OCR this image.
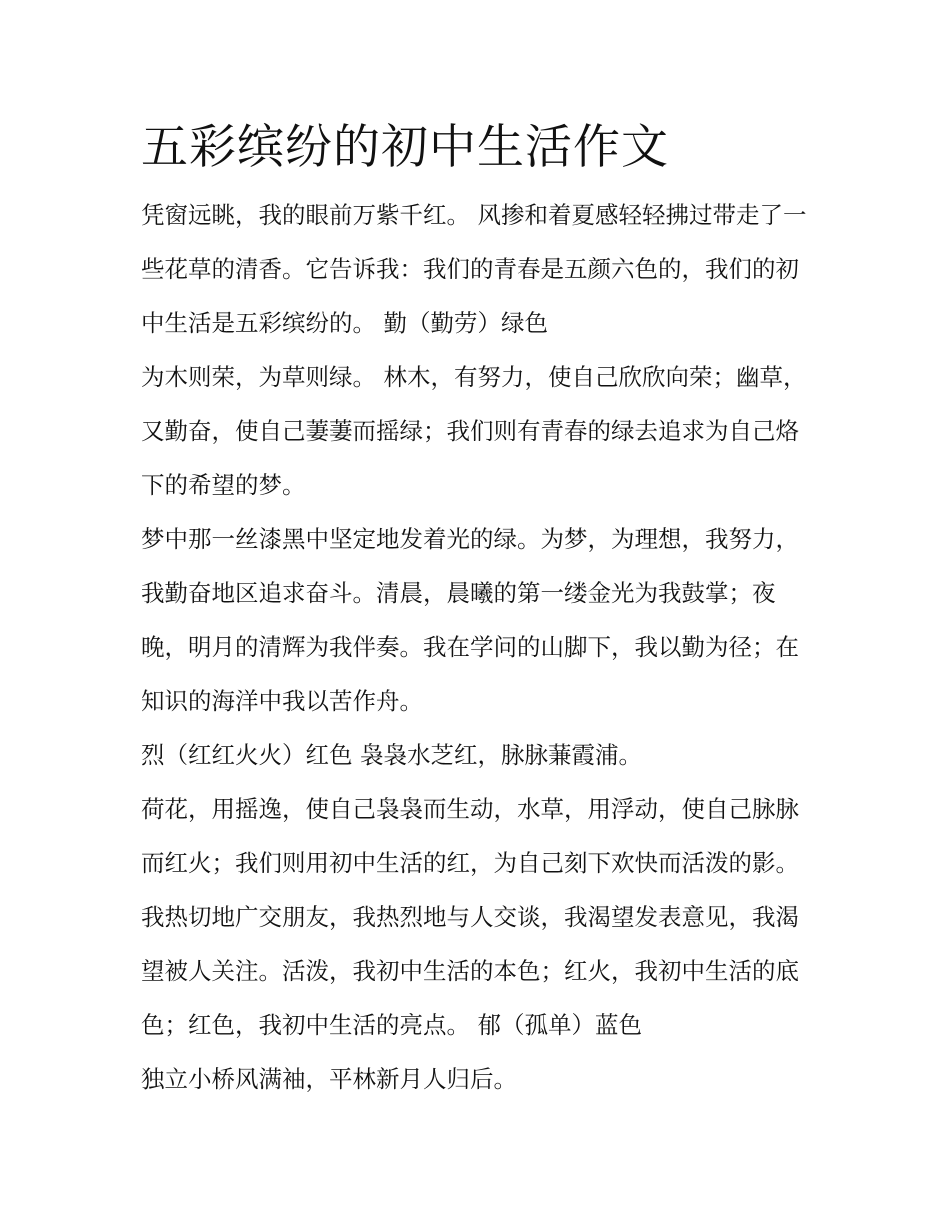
五彩缤纷的初中生活作文

凭窗远眺，我的眼前万紫千红。 风掺和着夏感轻轻拂过带走了一些花草的清香。它告诉我：我们的青春是五颜六色的，我们的初中生活是五彩缤纷的。 勤（勤劳）绿色

为木则荣，为草则绿。 林木，有努力，使自己欣欣向荣；幽草，又勤奋，使自己萋萋而摇绿；我们则有青春的绿去追求为自己烙下的希望的梦。

梦中那一丝漆黑中坚定地发着光的绿。为梦，为理想，我努力，我勤奋地区追求奋斗。清晨，晨曦的第一缕金光为我鼓掌；夜晚，明月的清辉为我伴奏。我在学问的山脚下，我以勤为径；在知识的海洋中我以苦作舟。

烈（红红火火）红色 袅袅水芝红，脉脉蒹霞浦。

荷花，用摇逸，使自己袅袅而生动，水草，用浮动，使自己脉脉而红火；我们则用初中生活的红，为自己刻下欢快而活泼的影。

我热切地广交朋友，我热烈地与人交谈，我渴望发表意见，我渴望被人关注。活泼，我初中生活的本色；红火，我初中生活的底色；红色，我初中生活的亮点。 郁（孤单）蓝色

独立小桥风满袖，平林新月人归后。
